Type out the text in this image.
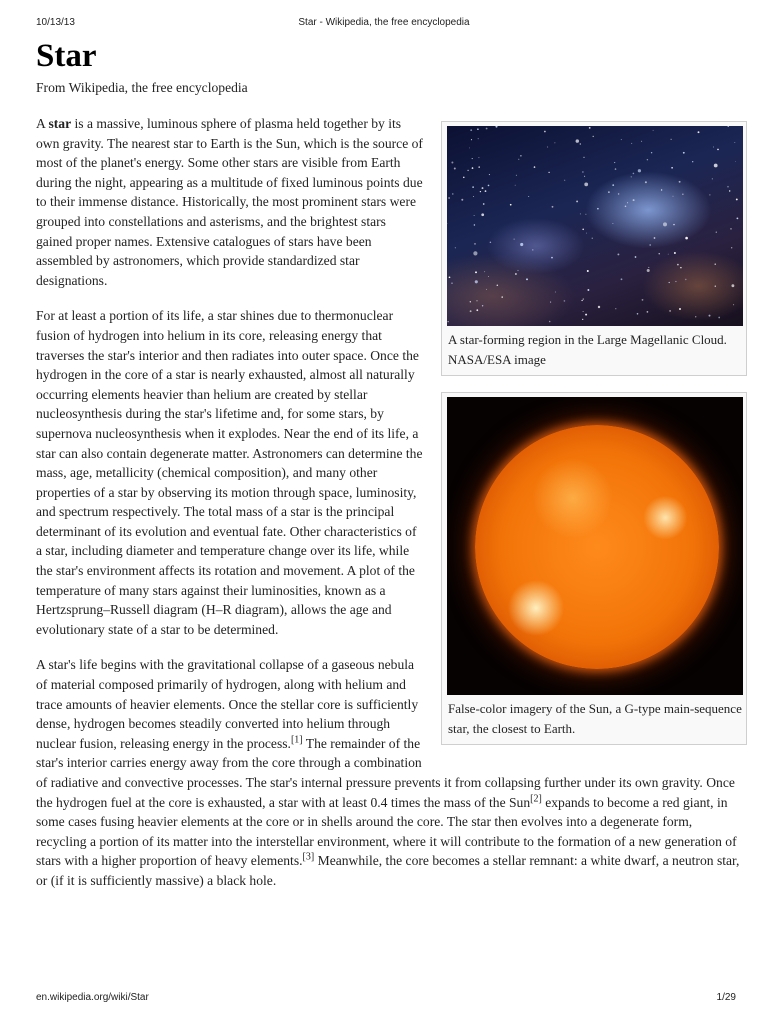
10/13/13	Star - Wikipedia, the free encyclopedia
Star
From Wikipedia, the free encyclopedia
A star-forming region in the Large Magellanic Cloud. NASA/ESA image

A star is a massive, luminous sphere of plasma held together by its own gravity. The nearest star to Earth is the Sun, which is the source of most of the planet's energy. Some other stars are visible from Earth during the night, appearing as a multitude of fixed luminous points due to their immense distance. Historically, the most prominent stars were grouped into constellations and asterisms, and the brightest stars gained proper names. Extensive catalogues of stars have been assembled by astronomers, which provide standardized star designations.

False-color imagery of the Sun, a G-type main-sequence star, the closest to Earth.

For at least a portion of its life, a star shines due to thermonuclear fusion of hydrogen into helium in its core, releasing energy that traverses the star's interior and then radiates into outer space. Once the hydrogen in the core of a star is nearly exhausted, almost all naturally occurring elements heavier than helium are created by stellar nucleosynthesis during the star's lifetime and, for some stars, by supernova nucleosynthesis when it explodes. Near the end of its life, a star can also contain degenerate matter. Astronomers can determine the mass, age, metallicity (chemical composition), and many other properties of a star by observing its motion through space, luminosity, and spectrum respectively. The total mass of a star is the principal determinant of its evolution and eventual fate. Other characteristics of a star, including diameter and temperature change over its life, while the star's environment affects its rotation and movement. A plot of the temperature of many stars against their luminosities, known as a Hertzsprung–Russell diagram (H–R diagram), allows the age and evolutionary state of a star to be determined.

A star's life begins with the gravitational collapse of a gaseous nebula of material composed primarily of hydrogen, along with helium and trace amounts of heavier elements. Once the stellar core is sufficiently dense, hydrogen becomes steadily converted into helium through nuclear fusion, releasing energy in the process.[1] The remainder of the star's interior carries energy away from the core through a combination of radiative and convective processes. The star's internal pressure prevents it from collapsing further under its own gravity. Once the hydrogen fuel at the core is exhausted, a star with at least 0.4 times the mass of the Sun[2] expands to become a red giant, in some cases fusing heavier elements at the core or in shells around the core. The star then evolves into a degenerate form, recycling a portion of its matter into the interstellar environment, where it will contribute to the formation of a new generation of stars with a higher proportion of heavy elements.[3] Meanwhile, the core becomes a stellar remnant: a white dwarf, a neutron star, or (if it is sufficiently massive) a black hole.

en.wikipedia.org/wiki/Star	1/29
